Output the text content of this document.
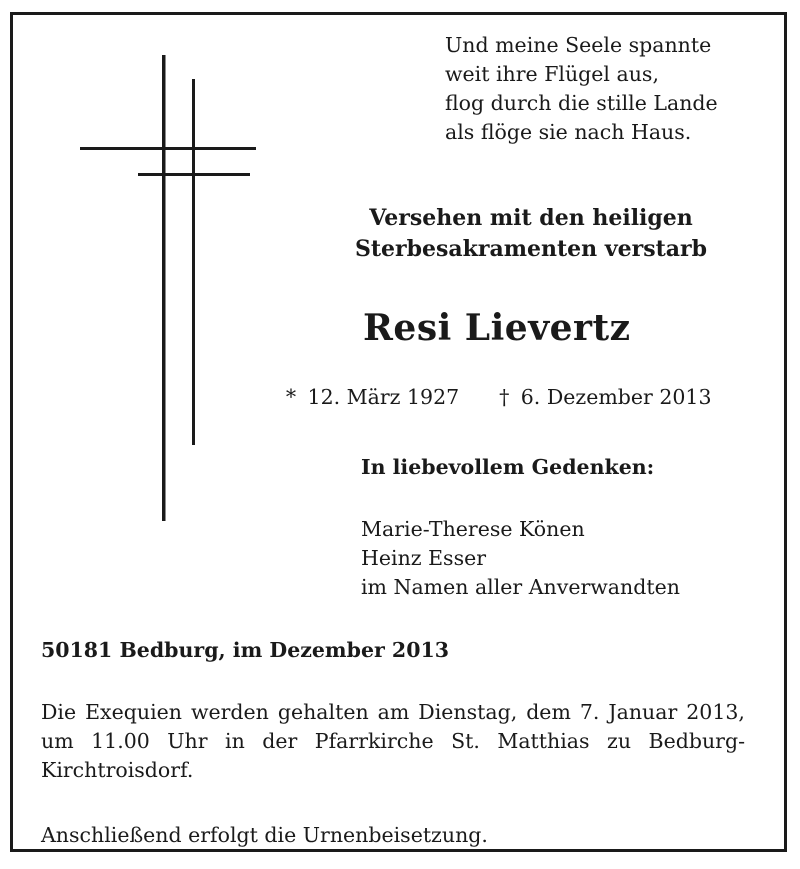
Und meine Seele spannte
weit ihre Flügel aus,
flog durch die stille Lande
als flöge sie nach Haus.
Versehen mit den heiligen
Sterbesakramenten verstarb
Resi Lievertz
* 12. März 1927 † 6. Dezember 2013
In liebevollem Gedenken:
Marie-Therese Könen
Heinz Esser
im Namen aller Anverwandten
50181 Bedburg, im Dezember 2013
Die Exequien werden gehalten am Dienstag, dem 7. Januar 2013,
um 11.00 Uhr in der Pfarrkirche St. Matthias zu Bedburg-
Kirchtroisdorf.
Anschließend erfolgt die Urnenbeisetzung.
